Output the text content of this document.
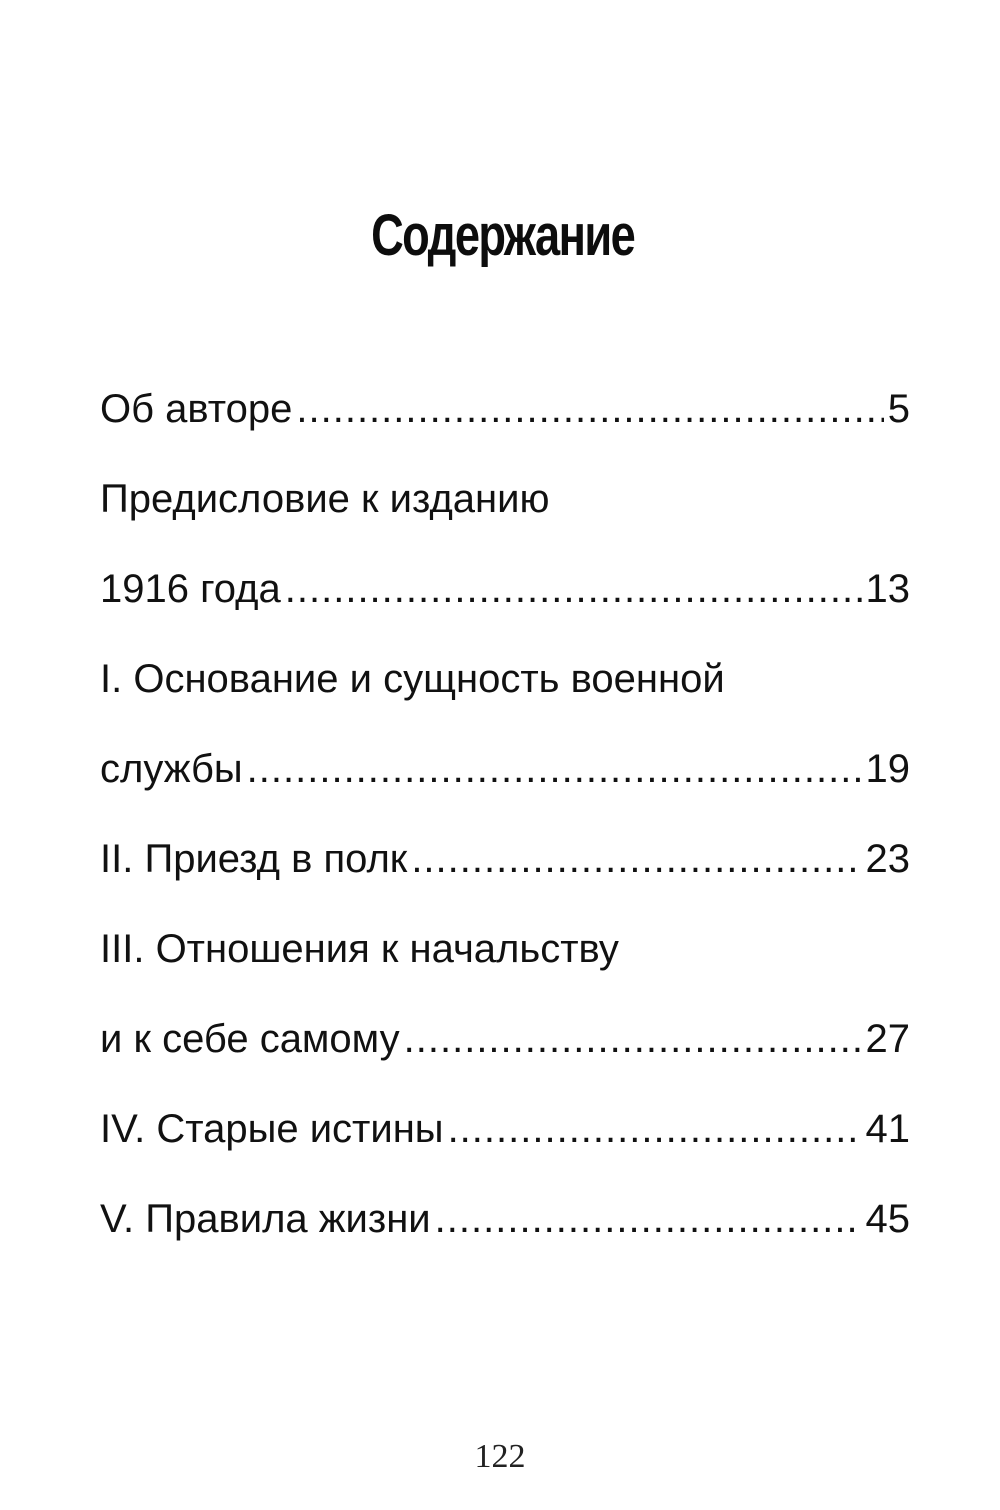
Содержание
Об авторе .....	5
Предисловие к изданию
1916 года .....	13
I. Основание и сущность военной
службы .....	19
II. Приезд в полк .....	23
III. Отношения к начальству
и к себе самому .....	27
IV. Старые истины .....	41
V. Правила жизни .....	45
122
